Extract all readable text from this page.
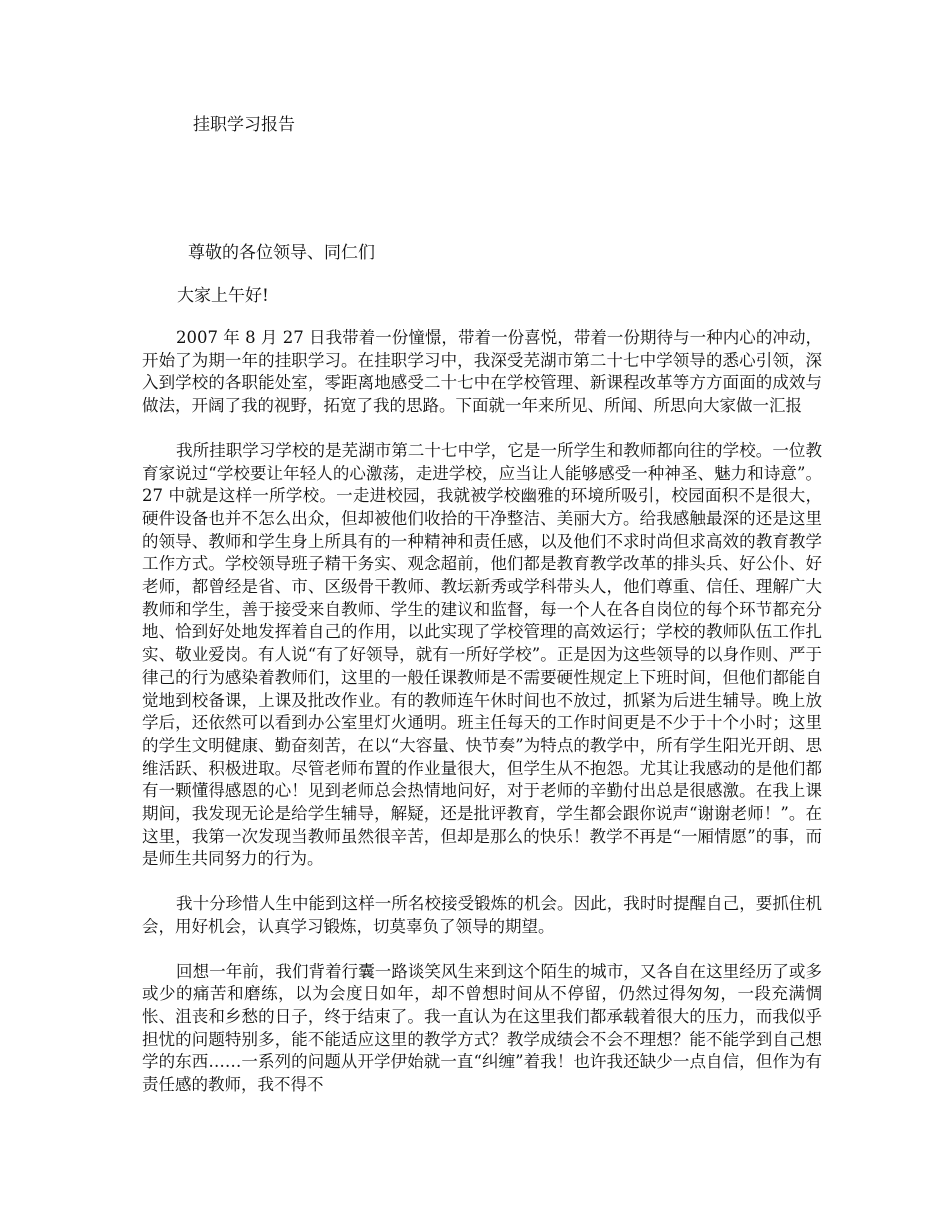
挂职学习报告

尊敬的各位领导、同仁们

大家上午好!

2007 年 8 月 27 日我带着一份憧憬，带着一份喜悦，带着一份期待与一种内心的冲动，开始了为期一年的挂职学习。在挂职学习中，我深受芜湖市第二十七中学领导的悉心引领，深入到学校的各职能处室，零距离地感受二十七中在学校管理、新课程改革等方方面面的成效与做法，开阔了我的视野，拓宽了我的思路。下面就一年来所见、所闻、所思向大家做一汇报

我所挂职学习学校的是芜湖市第二十七中学，它是一所学生和教师都向往的学校。一位教育家说过“学校要让年轻人的心激荡，走进学校，应当让人能够感受一种神圣、魅力和诗意”。27 中就是这样一所学校。一走进校园，我就被学校幽雅的环境所吸引，校园面积不是很大，硬件设备也并不怎么出众，但却被他们收拾的干净整洁、美丽大方。给我感触最深的还是这里的领导、教师和学生身上所具有的一种精神和责任感，以及他们不求时尚但求高效的教育教学工作方式。学校领导班子精干务实、观念超前，他们都是教育教学改革的排头兵、好公仆、好老师，都曾经是省、市、区级骨干教师、教坛新秀或学科带头人，他们尊重、信任、理解广大教师和学生，善于接受来自教师、学生的建议和监督，每一个人在各自岗位的每个环节都充分地、恰到好处地发挥着自己的作用，以此实现了学校管理的高效运行；学校的教师队伍工作扎实、敬业爱岗。有人说“有了好领导，就有一所好学校”。正是因为这些领导的以身作则、严于律己的行为感染着教师们，这里的一般任课教师是不需要硬性规定上下班时间，但他们都能自觉地到校备课，上课及批改作业。有的教师连午休时间也不放过，抓紧为后进生辅导。晚上放学后，还依然可以看到办公室里灯火通明。班主任每天的工作时间更是不少于十个小时；这里的学生文明健康、勤奋刻苦，在以“大容量、快节奏”为特点的教学中，所有学生阳光开朗、思维活跃、积极进取。尽管老师布置的作业量很大，但学生从不抱怨。尤其让我感动的是他们都有一颗懂得感恩的心！见到老师总会热情地问好，对于老师的辛勤付出总是很感激。在我上课期间，我发现无论是给学生辅导，解疑，还是批评教育，学生都会跟你说声“谢谢老师！”。在这里，我第一次发现当教师虽然很辛苦，但却是那么的快乐！教学不再是“一厢情愿”的事，而是师生共同努力的行为。

我十分珍惜人生中能到这样一所名校接受锻炼的机会。因此，我时时提醒自己，要抓住机会，用好机会，认真学习锻炼，切莫辜负了领导的期望。

回想一年前，我们背着行囊一路谈笑风生来到这个陌生的城市，又各自在这里经历了或多或少的痛苦和磨练，以为会度日如年，却不曾想时间从不停留，仍然过得匆匆，一段充满惆怅、沮丧和乡愁的日子，终于结束了。我一直认为在这里我们都承载着很大的压力，而我似乎担忧的问题特别多，能不能适应这里的教学方式？教学成绩会不会不理想？能不能学到自己想学的东西……一系列的问题从开学伊始就一直“纠缠”着我！也许我还缺少一点自信，但作为有责任感的教师，我不得不
